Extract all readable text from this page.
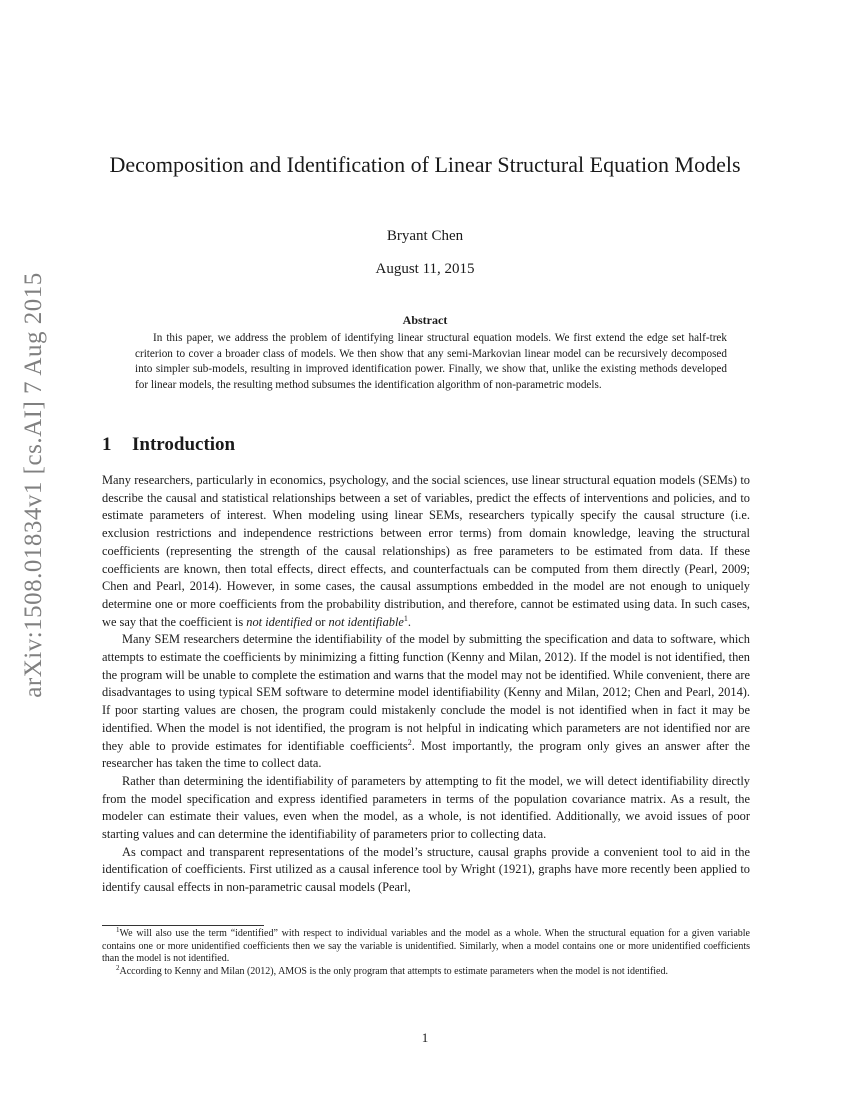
arXiv:1508.01834v1 [cs.AI] 7 Aug 2015
Decomposition and Identification of Linear Structural Equation Models
Bryant Chen
August 11, 2015
Abstract

In this paper, we address the problem of identifying linear structural equation models. We first extend the edge set half-trek criterion to cover a broader class of models. We then show that any semi-Markovian linear model can be recursively decomposed into simpler sub-models, resulting in improved identification power. Finally, we show that, unlike the existing methods developed for linear models, the resulting method subsumes the identification algorithm of non-parametric models.

1 Introduction

Many researchers, particularly in economics, psychology, and the social sciences, use linear structural equation models (SEMs) to describe the causal and statistical relationships between a set of variables, predict the effects of interventions and policies, and to estimate parameters of interest. When modeling using linear SEMs, researchers typically specify the causal structure (i.e. exclusion restrictions and independence restrictions between error terms) from domain knowledge, leaving the structural coefficients (representing the strength of the causal relationships) as free parameters to be estimated from data. If these coefficients are known, then total effects, direct effects, and counterfactuals can be computed from them directly (Pearl, 2009; Chen and Pearl, 2014). However, in some cases, the causal assumptions embedded in the model are not enough to uniquely determine one or more coefficients from the probability distribution, and therefore, cannot be estimated using data. In such cases, we say that the coefficient is not identified or not identifiable$^1$.

Many SEM researchers determine the identifiability of the model by submitting the specification and data to software, which attempts to estimate the coefficients by minimizing a fitting function (Kenny and Milan, 2012). If the model is not identified, then the program will be unable to complete the estimation and warns that the model may not be identified. While convenient, there are disadvantages to using typical SEM software to determine model identifiability (Kenny and Milan, 2012; Chen and Pearl, 2014). If poor starting values are chosen, the program could mistakenly conclude the model is not identified when in fact it may be identified. When the model is not identified, the program is not helpful in indicating which parameters are not identified nor are they able to provide estimates for identifiable coefficients$^2$. Most importantly, the program only gives an answer after the researcher has taken the time to collect data.

Rather than determining the identifiability of parameters by attempting to fit the model, we will detect identifiability directly from the model specification and express identified parameters in terms of the population covariance matrix. As a result, the modeler can estimate their values, even when the model, as a whole, is not identified. Additionally, we avoid issues of poor starting values and can determine the identifiability of parameters prior to collecting data.

As compact and transparent representations of the model’s structure, causal graphs provide a convenient tool to aid in the identification of coefficients. First utilized as a causal inference tool by Wright (1921), graphs have more recently been applied to identify causal effects in non-parametric causal models (Pearl,

$^1$We will also use the term “identified” with respect to individual variables and the model as a whole. When the structural equation for a given variable contains one or more unidentified coefficients then we say the variable is unidentified. Similarly, when a model contains one or more unidentified coefficients than the model is not identified.

$^2$According to Kenny and Milan (2012), AMOS is the only program that attempts to estimate parameters when the model is not identified.

1
